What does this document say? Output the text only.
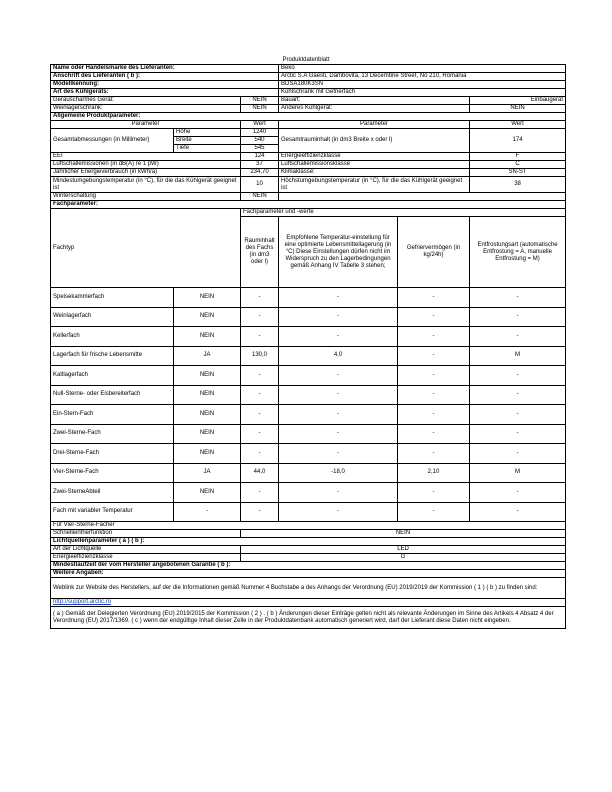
Produktdatenblatt
Name oder Handelsmarke des Lieferanten:			Beko		
Anschrift des Lieferanten ( b ):			Arctic S.A Gaesti, Dambovita, 13 Decembrie Street, No 210, Romania		
Modellkennung:			BDSA180K3SN		
Art des Kühlgeräts:			Kühlschrank mit Gefrierfach		
Geräuscharmes Gerät:		NEIN	Bauart:		Einbaugerät
Weinlagerschrank:		NEIN	Anderes Kühlgerät:		NEIN
Allgemeine Produktparameter:					
Parameter		Wert	Parameter		Wert
Gesamtabmessungen (in Millimeter)	Höhe	1240	Gesamtrauminhalt (in dm3 Breite x oder l)		174
	Breite	540			
	Tiefe	545			
EEI		124	Energieeffizienzklasse		F
Luftschallemissionen (in dB(A) re 1 pW)		37	Luftschallemissionsklasse		C
Jährlicher Energieverbrauch (in kWh/a)		234,70	Klimaklasse:		SN-ST
Mindestumgebungstemperatur (in °C), für die das Kühlgerät geeignet ist		10	Höchstumgebungstemperatur (in °C), für die das Kühlgerät geeignet ist		38
Winterschaltung		NEIN			
Fachparameter:					
Fachtyp		Fachparameter und -werte			
		Rauminhalt des Fachs (in dm3 oder l)	Empfohlene Temperatur-einstellung für eine optimierte Lebensmittellagerung (in °C) Diese Einstellungen dürfen nicht im Widerspruch zu den Lagerbedingungen gemäß Anhang IV Tabelle 3 stehen;	Gefriervermögen (in kg/24h)	Entfrostungsart (automatische Entfrostung = A, manuelle Entfrostung = M)
Speisekammerfach	NEIN	-	-	-	-
Weinlagerfach	NEIN	-	-	-	-
Kellerfach	NEIN	-	-	-	-
Lagerfach für frische Lebensmitte	JA	130,0	4,0	-	M
Kaltlagerfach	NEIN	-	-	-	-
Null-Sterne- oder Eisbereiterfach	NEIN	-	-	-	-
Ein-Stern-Fach	NEIN	-	-	-	-
Zwei-Sterne-Fach	NEIN	-	-	-	-
Drei-Sterne-Fach	NEIN	-	-	-	-
Vier-Sterne-Fach	JA	44,0	-18,0	2,10	M
Zwei-SterneAbteil	NEIN	-	-	-	-
Fach mit variabler Temperatur	-	-	-	-	-
Für Vier-Sterne-Fächer					
Schnelleinfrierfunktion		NEIN			
Lichtquellenparameter ( a ) ( b ):					
Art der Lichtquelle		LED			
Energieeffizienzklasse		G			
Mindestlaufzeit der vom Hersteller angebotenen Garantie ( b ):					
Weitere Angaben:					
Weblink zur Website des Herstellers, auf der die Informationen gemäß Nummer 4 Buchstabe a des Anhangs der Verordnung (EU) 2019/2019 der Kommission ( 1 ) ( b ) zu finden sind:					
http://support.arctic.ro					
( a ) Gemäß der Delegierten Verordnung (EU) 2019/2015 der Kommission ( 2 ) . ( b ) Änderungen dieser Einträge gelten nicht als relevante Änderungen im Sinne des Artikels 4 Absatz 4 der Verordnung (EU) 2017/1369. ( c ) wenn der endgültige Inhalt dieser Zelle in der Produktdatenbank automatisch generiert wird, darf der Lieferant diese Daten nicht eingeben.					
